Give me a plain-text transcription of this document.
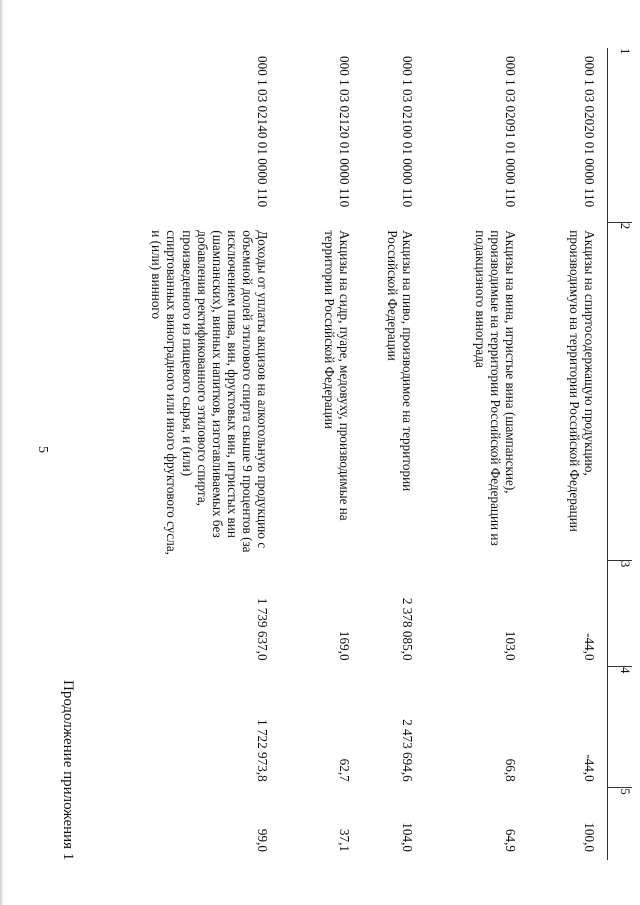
5
Продолжение приложения 1
1	2	3	4	5
000 1 03 02020 01 0000 110	Акцизы на спиртосодержащую продукцию, производимую на территории Российской Федерации	-44,0	-44,0	100,0
000 1 03 02091 01 0000 110	Акцизы на вина, игристые вина (шампанские), производимые на территории Российской Федерации из подакцизного винограда	103,0	66,8	64,9
000 1 03 02100 01 0000 110	Акцизы на пиво, производимое на территории Российской Федерации	2 378 085,0	2 473 694,6	104,0
000 1 03 02120 01 0000 110	Акцизы на сидр, пуаре, медовуху, производимые на территории Российской Федерации	169,0	62,7	37,1
000 1 03 02140 01 0000 110	Доходы от уплаты акцизов на алкогольную продукцию с объемной долей этилового спирта свыше 9 процентов (за исключением пива, вин, фруктовых вин, игристых вин (шампанских), винных напитков, изготавливаемых без добавления ректификованного этилового спирта, произведенного из пищевого сырья, и (или) спиртованных виноградного или иного фруктового сусла, и (или) винного	1 739 637,0	1 722 973,8	99,0
